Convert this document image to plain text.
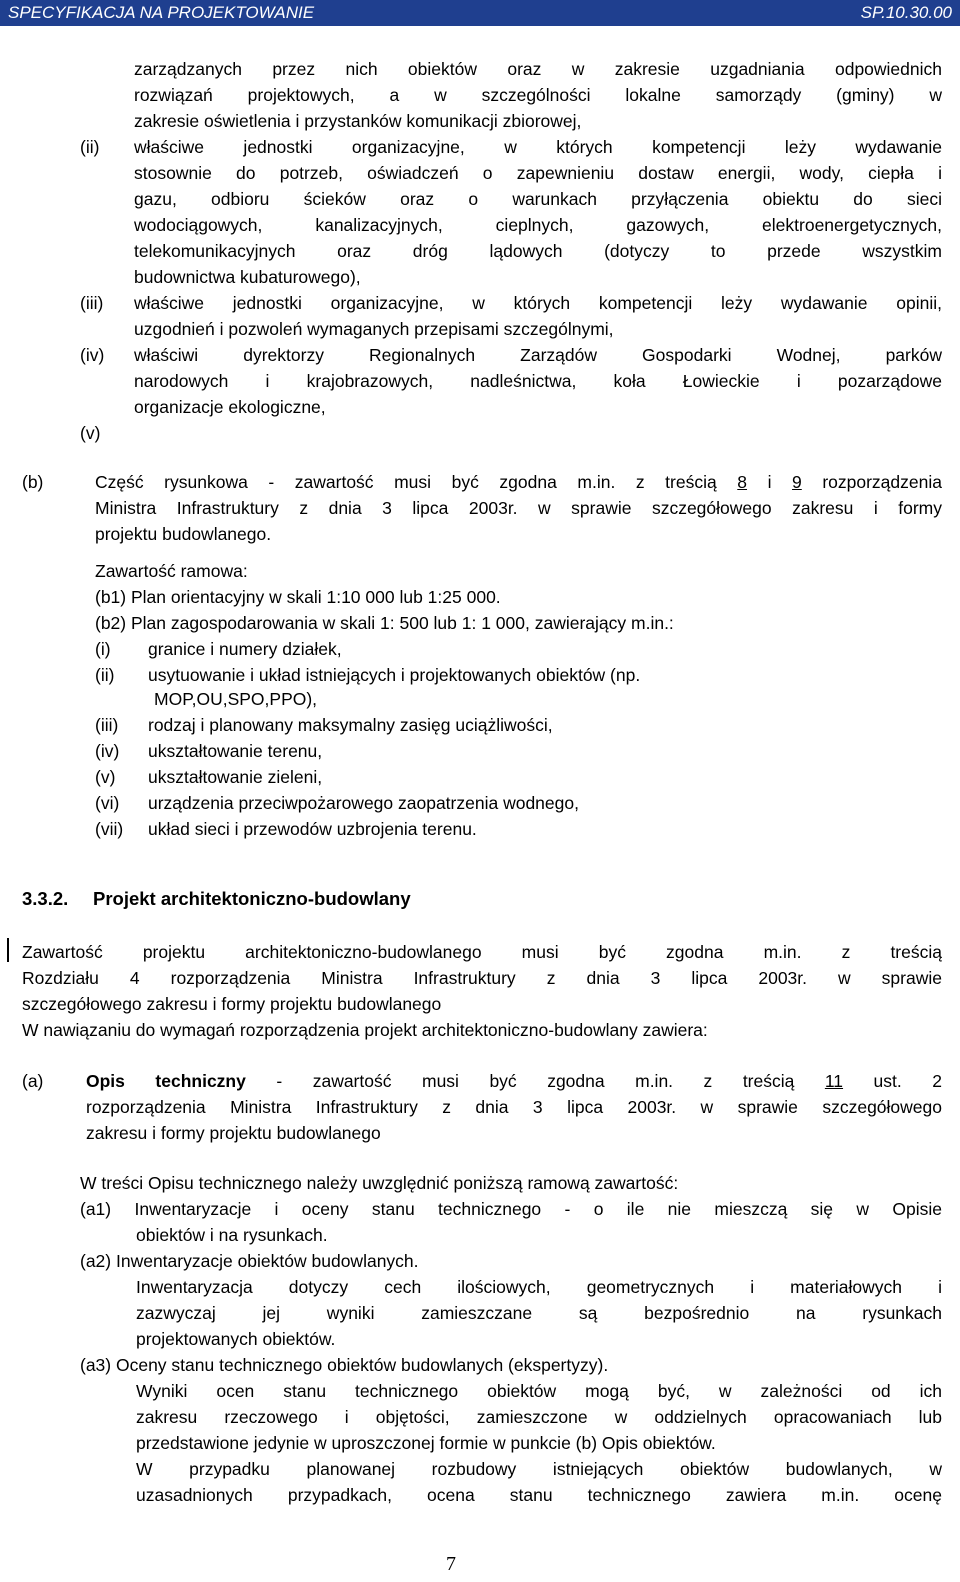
SPECYFIKACJA NA PROJEKTOWANIE	SP.10.30.00
zarządzanych przez nich obiektów oraz w zakresie uzgadniania odpowiednich
rozwiązań projektowych, a w szczególności lokalne samorządy (gminy) w
zakresie oświetlenia i przystanków komunikacji zbiorowej,
(ii) właściwe jednostki organizacyjne, w których kompetencji leży wydawanie
stosownie do potrzeb, oświadczeń o zapewnieniu dostaw energii, wody, ciepła i
gazu, odbioru ścieków oraz o warunkach przyłączenia obiektu do sieci
wodociągowych, kanalizacyjnych, cieplnych, gazowych, elektroenergetycznych,
telekomunikacyjnych oraz dróg lądowych (dotyczy to przede wszystkim
budownictwa kubaturowego),
(iii) właściwe jednostki organizacyjne, w których kompetencji leży wydawanie opinii,
uzgodnień i pozwoleń wymaganych przepisami szczególnymi,
(iv) właściwi dyrektorzy Regionalnych Zarządów Gospodarki Wodnej, parków
narodowych i krajobrazowych, nadleśnictwa, koła Łowieckie i pozarządowe
organizacje ekologiczne,
(v)
(b)	Część rysunkowa - zawartość musi być zgodna m.in. z treścią 8 i 9 rozporządzenia
Ministra Infrastruktury z dnia 3 lipca 2003r. w sprawie szczegółowego zakresu i formy
projektu budowlanego.
Zawartość ramowa:
(b1) Plan orientacyjny w skali 1:10 000 lub 1:25 000.
(b2) Plan zagospodarowania w skali 1: 500 lub 1: 1 000, zawierający m.in.:
(i) granice i numery działek,
(ii) usytuowanie i układ istniejących i projektowanych obiektów (np.
MOP,OU,SPO,PPO),
(iii) rodzaj i planowany maksymalny zasięg uciążliwości,
(iv) ukształtowanie terenu,
(v) ukształtowanie zieleni,
(vi) urządzenia przeciwpożarowego zaopatrzenia wodnego,
(vii) układ sieci i przewodów uzbrojenia terenu.
3.3.2. Projekt architektoniczno-budowlany
Zawartość projektu architektoniczno-budowlanego musi być zgodna m.in. z treścią
Rozdziału 4 rozporządzenia Ministra Infrastruktury z dnia 3 lipca 2003r. w sprawie
szczegółowego zakresu i formy projektu budowlanego
W nawiązaniu do wymagań rozporządzenia projekt architektoniczno-budowlany zawiera:
(a) Opis techniczny - zawartość musi być zgodna m.in. z treścią 11 ust. 2
rozporządzenia Ministra Infrastruktury z dnia 3 lipca 2003r. w sprawie szczegółowego
zakresu i formy projektu budowlanego
W treści Opisu technicznego należy uwzględnić poniższą ramową zawartość:
(a1) Inwentaryzacje i oceny stanu technicznego - o ile nie mieszczą się w Opisie
obiektów i na rysunkach.
(a2) Inwentaryzacje obiektów budowlanych.
Inwentaryzacja dotyczy cech ilościowych, geometrycznych i materiałowych i
zazwyczaj jej wyniki zamieszczane są bezpośrednio na rysunkach
projektowanych obiektów.
(a3) Oceny stanu technicznego obiektów budowlanych (ekspertyzy).
Wyniki ocen stanu technicznego obiektów mogą być, w zależności od ich
zakresu rzeczowego i objętości, zamieszczone w oddzielnych opracowaniach lub
przedstawione jedynie w uproszczonej formie w punkcie (b) Opis obiektów.
W przypadku planowanej rozbudowy istniejących obiektów budowlanych, w
uzasadnionych przypadkach, ocena stanu technicznego zawiera m.in. ocenę
7
